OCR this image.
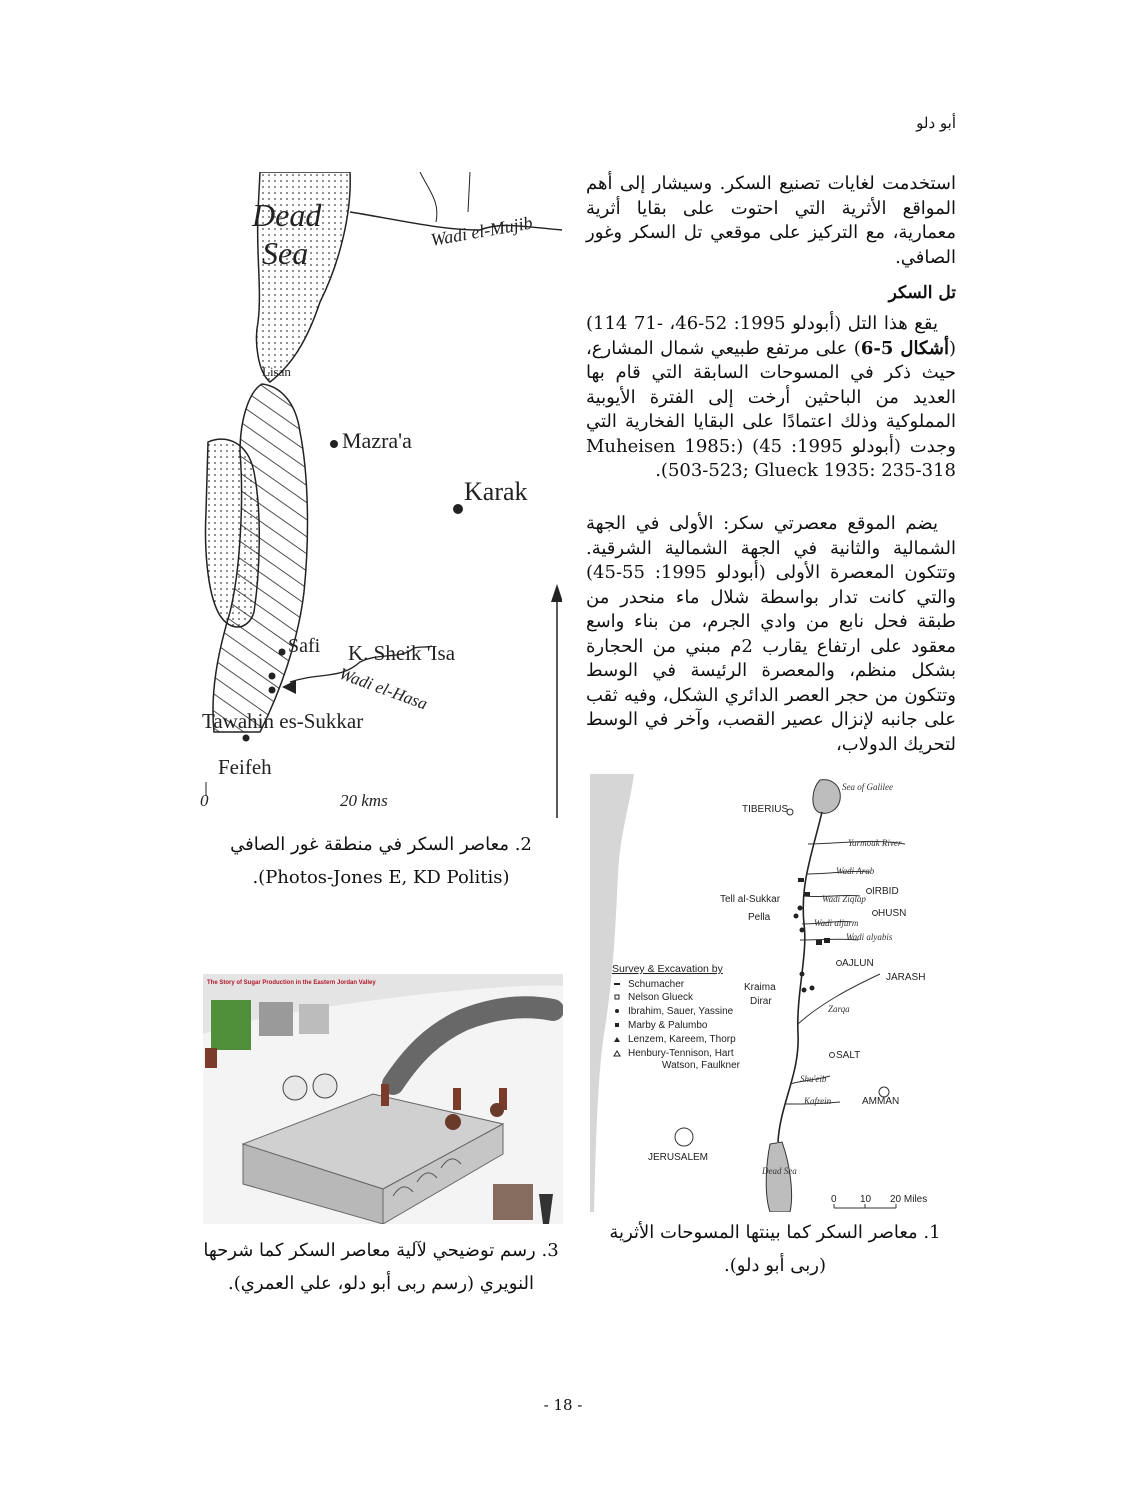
أبو دلو

استخدمت لغايات تصنيع السكر. وسيشار إلى أهم المواقع الأثرية التي احتوت على بقايا أثرية معمارية، مع التركيز على موقعي تل السكر وغور الصافي.

تل السكر

يقع هذا التل (أبودلو 1995: 52-46، -71 114) (أشكال 5-6) على مرتفع طبيعي شمال المشارع، حيث ذكر في المسوحات السابقة التي قام بها العديد من الباحثين أرخت إلى الفترة الأيوبية المملوكية وذلك اعتمادًا على البقايا الفخارية التي وجدت (أبودلو 1995: 45) (Muheisen 1985: 503-523; Glueck 1935: 235-318).

يضم الموقع معصرتي سكر: الأولى في الجهة الشمالية والثانية في الجهة الشمالية الشرقية. وتتكون المعصرة الأولى (أبودلو 1995: 55-45) والتي كانت تدار بواسطة شلال ماء منحدر من طبقة فحل نابع من وادي الجرم، من بناء واسع معقود على ارتفاع يقارب 2م مبني من الحجارة بشكل منظم، والمعصرة الرئيسة في الوسط وتتكون من حجر العصر الدائري الشكل، وفيه ثقب على جانبه لإنزال عصير القصب، وآخر في الوسط لتحريك الدولاب،

Sea of Galilee
Yarmouk River
Wadi Arab
Wadi Ziqlap
Wadi aljurm
Wadi alyabis
Zarqa
Shu'eib
Kafrein
Dead Sea
TIBERIUS
IRBID
Tell al-Sukkar
Pella	HUSN
AJLUN
JARASH
Kraima
Dirar
SALT
AMMAN
JERUSALEM
Survey & Excavation by
Schumacher
Nelson Glueck
Ibrahim, Sauer, Yassine
Marby & Palumbo
Lenzem, Kareem, Thorp
Henbury-Tennison, Hart
Watson, Faulkner
0 10 20 Miles
1. معاصر السكر كما بينتها المسوحات الأثرية
(ربى أبو دلو).
Dead
Sea
Wadi el-Mujib
Lisan
Mazra'a
Karak
Safi K. Sheik 'Isa
Wadi el-Hasa
Tawahin es-Sukkar
Feifeh
0	20 kms
2. معاصر السكر في منطقة غور الصافي
(Photos-Jones E, KD Politis).
The Story of Sugar Production in the Eastern Jordan Valley
3. رسم توضيحي لآلية معاصر السكر كما شرحها
النويري (رسم ربى أبو دلو، علي العمري).
- 18 -
